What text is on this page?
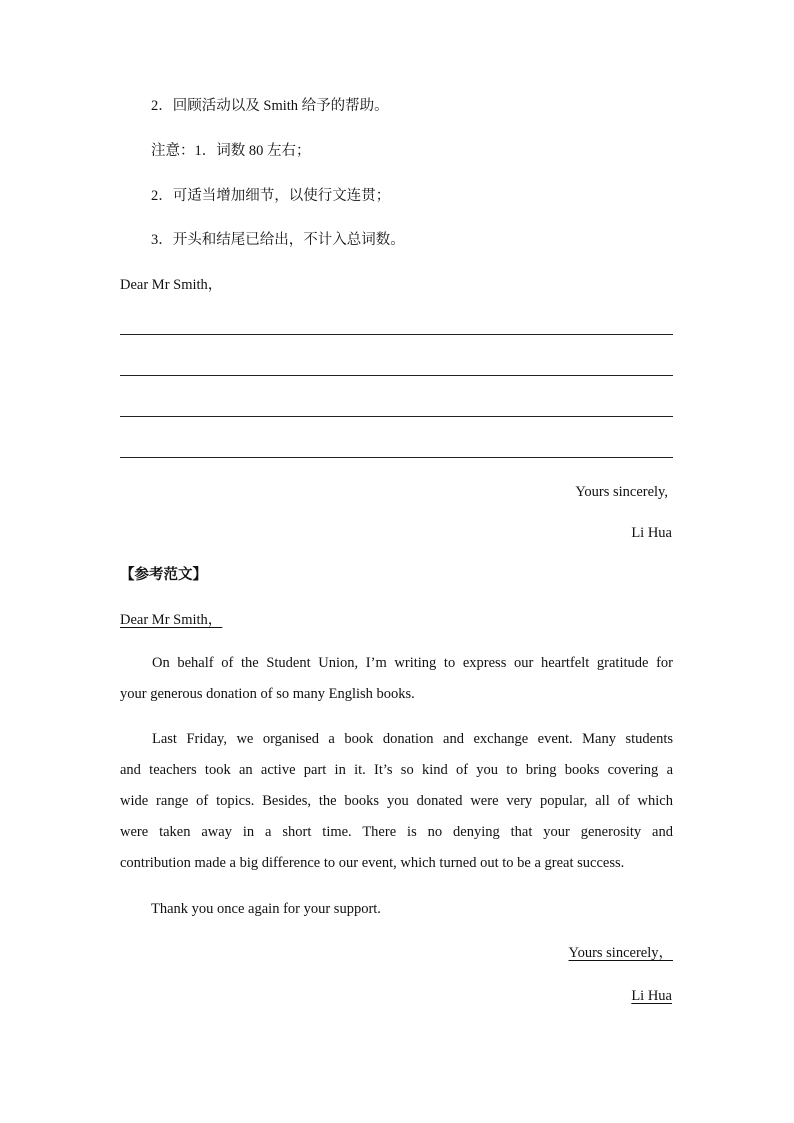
2．回顾活动以及 Smith 给予的帮助。
注意：1．词数 80 左右；
2．可适当增加细节，以使行文连贯；
3．开头和结尾已给出，不计入总词数。
Dear Mr Smith，
Yours sincerely,
Li Hua
【参考范文】
Dear Mr Smith，
On behalf of the Student Union, I’m writing to express our heartfelt gratitude for
your generous donation of so many English books.
Last Friday, we organised a book donation and exchange event. Many students
and teachers took an active part in it. It’s so kind of you to bring books covering a
wide range of topics. Besides, the books you donated were very popular, all of which
were taken away in a short time. There is no denying that your generosity and
contribution made a big difference to our event, which turned out to be a great success.
Thank you once again for your support.
Yours sincerely，
Li Hua
